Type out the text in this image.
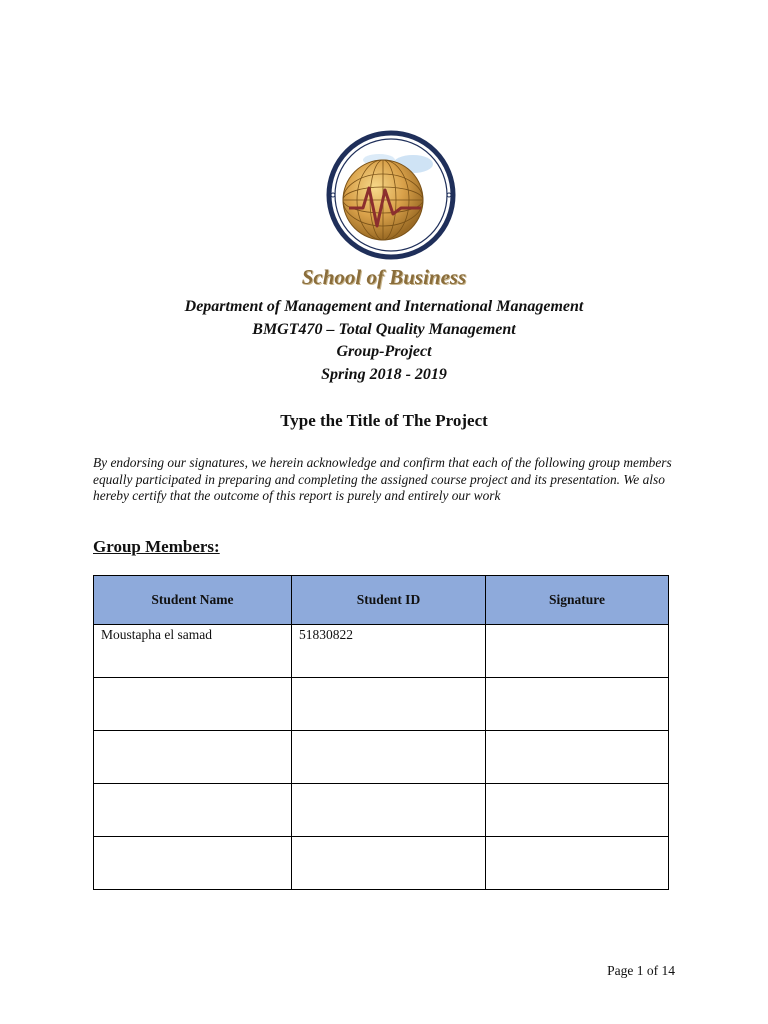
School of Business
Department of Management and International Management
BMGT470 – Total Quality Management
Group-Project
Spring 2018 - 2019
Type the Title of The Project
By endorsing our signatures, we herein acknowledge and confirm that each of the following group members equally participated in preparing and completing the assigned course project and its presentation. We also hereby certify that the outcome of this report is purely and entirely our work
Group Members:
Student Name	Student ID	Signature
Moustapha el samad	51830822	

Page 1 of 14
